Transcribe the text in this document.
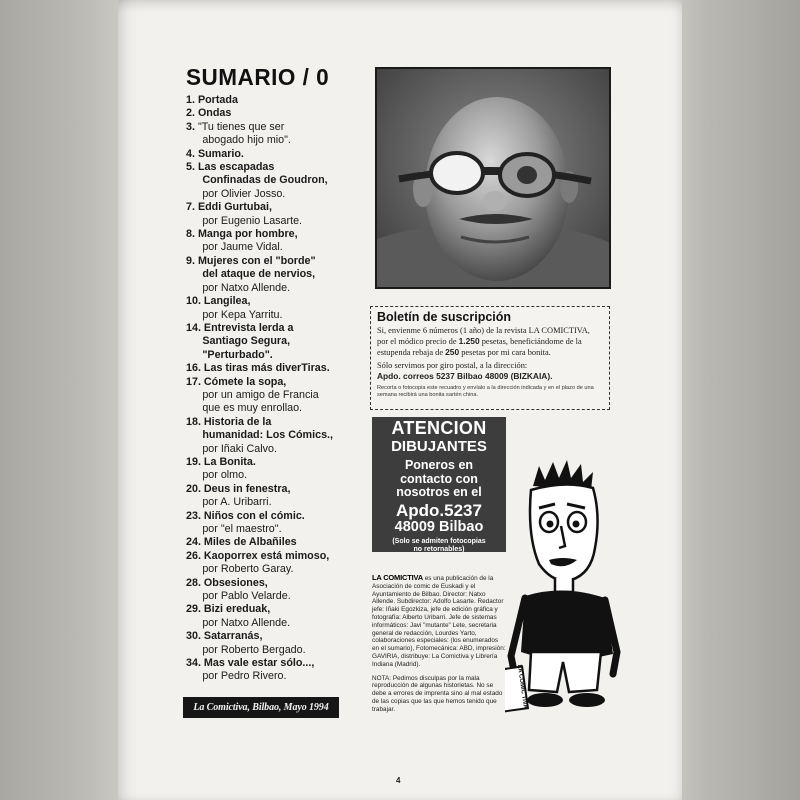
SUMARIO / 0
1. Portada
2. Ondas
3. "Tu tienes que ser
abogado hijo mio".
4. Sumario.
5. Las escapadas
Confinadas de Goudron,
por Olivier Josso.
7. Eddi Gurtubai,
por Eugenio Lasarte.
8. Manga por hombre,
por Jaume Vidal.
9. Mujeres con el "borde"
del ataque de nervios,
por Natxo Allende.
10. Langilea,
por Kepa Yarritu.
14. Entrevista lerda a
Santiago Segura,
"Perturbado".
16. Las tiras más diverTiras.
17. Cómete la sopa,
por un amigo de Francia
que es muy enrollao.
18. Historia de la
humanidad: Los Cómics.,
por Iñaki Calvo.
19. La Bonita.
por olmo.
20. Deus in fenestra,
por A. Uribarri.
23. Niños con el cómic.
por "el maestro".
24. Miles de Albañiles
26. Kaoporrex está mimoso,
por Roberto Garay.
28. Obsesiones,
por Pablo Velarde.
29. Bizi ereduak,
por Natxo Allende.
30. Satarranás,
por Roberto Bergado.
34. Mas vale estar sólo...,
por Pedro Rivero.
La Comictiva, Bilbao, Mayo 1994
Boletín de suscripción
Si, envienme 6 números (1 año) de la revista LA COMICTIVA, por el módico precio de 1.250 pesetas, beneficiándome de la estupenda rebaja de 250 pesetas por mi cara bonita.
Sólo servimos por giro postal, a la dirección:
Apdo. correos 5237 Bilbao 48009 (BIZKAIA).
Recorta o fotocopia este recuadro y envíalo a la dirección indicada y en el plazo de una semana recibirá una bonita sartén china.
ATENCION
DIBUJANTES
Poneros en
contacto con
nosotros en el
Apdo.5237
48009 Bilbao
(Solo se admiten fotocopias
no retornables)
LA COMICTIVA es una publicación de la Asociación de comic de Euskadi y el Ayuntamiento de Bilbao. Director: Natxo Allende. Subdirector: Adolfo Lasarte. Redactor jefe: Iñaki Egozkiza, jefe de edición gráfica y fotografía: Alberto Uribarri. Jefe de sistemas informáticos: Javi "mutante" Lete, secretaria general de redacción, Lourdes Yarto, colaboraciones especiales: (los enumerados en el sumario), Fotomecánica: ABD, impresión: GAVIRIA, distribuye: La Comictiva y Librería Indiana (Madrid).
NOTA: Pedimos disculpas por la mala reproducción de algunas historietas. No se debe a errores de imprenta sino al mal estado de las copias que las que hemos tenido que trabajar.
LA COMIC TIVA
4
